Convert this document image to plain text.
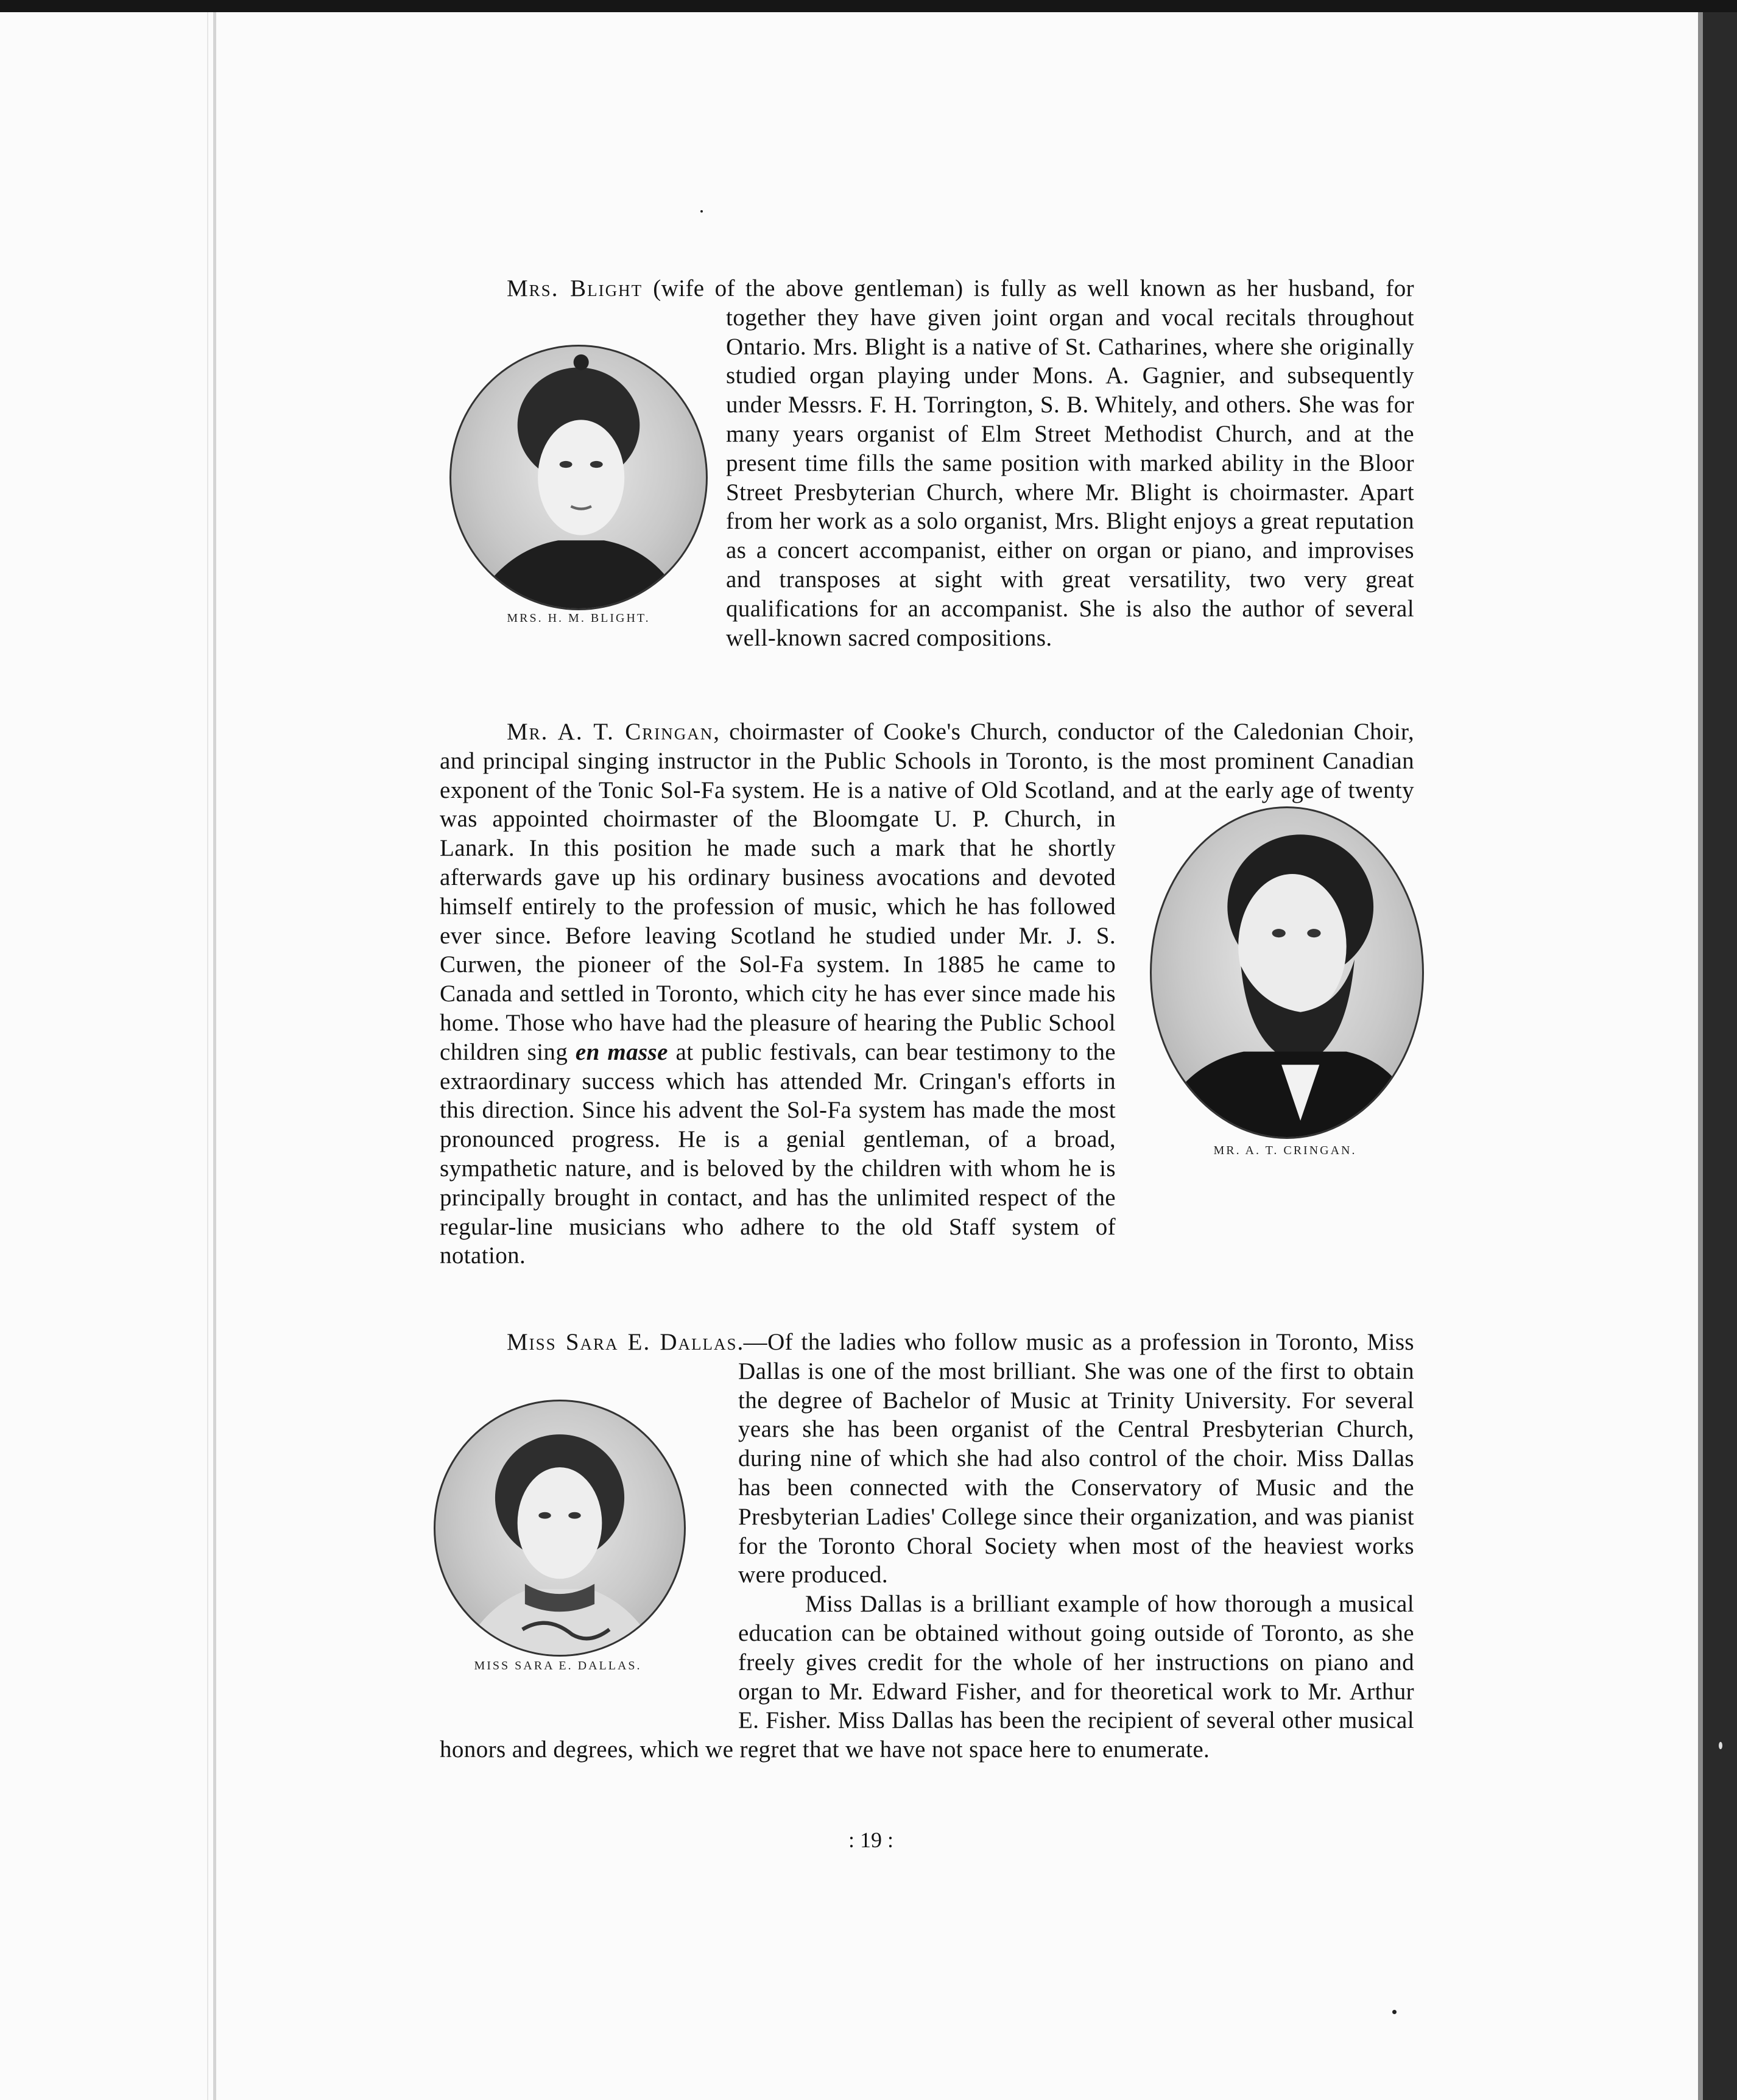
MRS. H. M. BLIGHT.
MR. A. T. CRINGAN.
MISS SARA E. DALLAS.

Mrs. Blight (wife of the above gentleman) is fully as well known as her husband, for together they have given joint organ and vocal recitals throughout Ontario. Mrs. Blight is a native of St. Catharines, where she originally studied organ playing under Mons. A. Gagnier, and subsequently under Messrs. F. H. Torrington, S. B. Whitely, and others. She was for many years organist of Elm Street Methodist Church, and at the present time fills the same position with marked ability in the Bloor Street Presbyterian Church, where Mr. Blight is choirmaster. Apart from her work as a solo organist, Mrs. Blight enjoys a great reputation as a concert accompanist, either on organ or piano, and improvises and transposes at sight with great versatility, two very great qualifications for an accompanist. She is also the author of several well-known sacred compositions.

Mr. A. T. Cringan, choirmaster of Cooke's Church, conductor of the Caledonian Choir, and principal singing instructor in the Public Schools in Toronto, is the most prominent Canadian exponent of the Tonic Sol-Fa system. He is a native of Old Scotland, and at the early age of twenty was appointed choirmaster of the Bloomgate U. P. Church, in Lanark. In this position he made such a mark that he shortly afterwards gave up his ordinary business avocations and devoted himself entirely to the profession of music, which he has followed ever since. Before leaving Scotland he studied under Mr. J. S. Curwen, the pioneer of the Sol-Fa system. In 1885 he came to Canada and settled in Toronto, which city he has ever since made his home. Those who have had the pleasure of hearing the Public School children sing en masse at public festivals, can bear testimony to the extraordinary success which has attended Mr. Cringan's efforts in this direction. Since his advent the Sol-Fa system has made the most pronounced progress. He is a genial gentleman, of a broad, sympathetic nature, and is beloved by the children with whom he is principally brought in contact, and has the unlimited respect of the regular-line musicians who adhere to the old Staff system of notation.

Miss Sara E. Dallas.—Of the ladies who follow music as a profession in Toronto, Miss Dallas is one of the most brilliant. She was one of the first to obtain the degree of Bachelor of Music at Trinity University. For several years she has been organist of the Central Presbyterian Church, during nine of which she had also control of the choir. Miss Dallas has been connected with the Conservatory of Music and the Presbyterian Ladies' College since their organization, and was pianist for the Toronto Choral Society when most of the heaviest works were produced.

Miss Dallas is a brilliant example of how thorough a musical education can be obtained without going outside of Toronto, as she freely gives credit for the whole of her instructions on piano and organ to Mr. Edward Fisher, and for theoretical work to Mr. Arthur E. Fisher. Miss Dallas has been the recipient of several other musical honors and degrees, which we regret that we have not space here to enumerate.

: 19 :
